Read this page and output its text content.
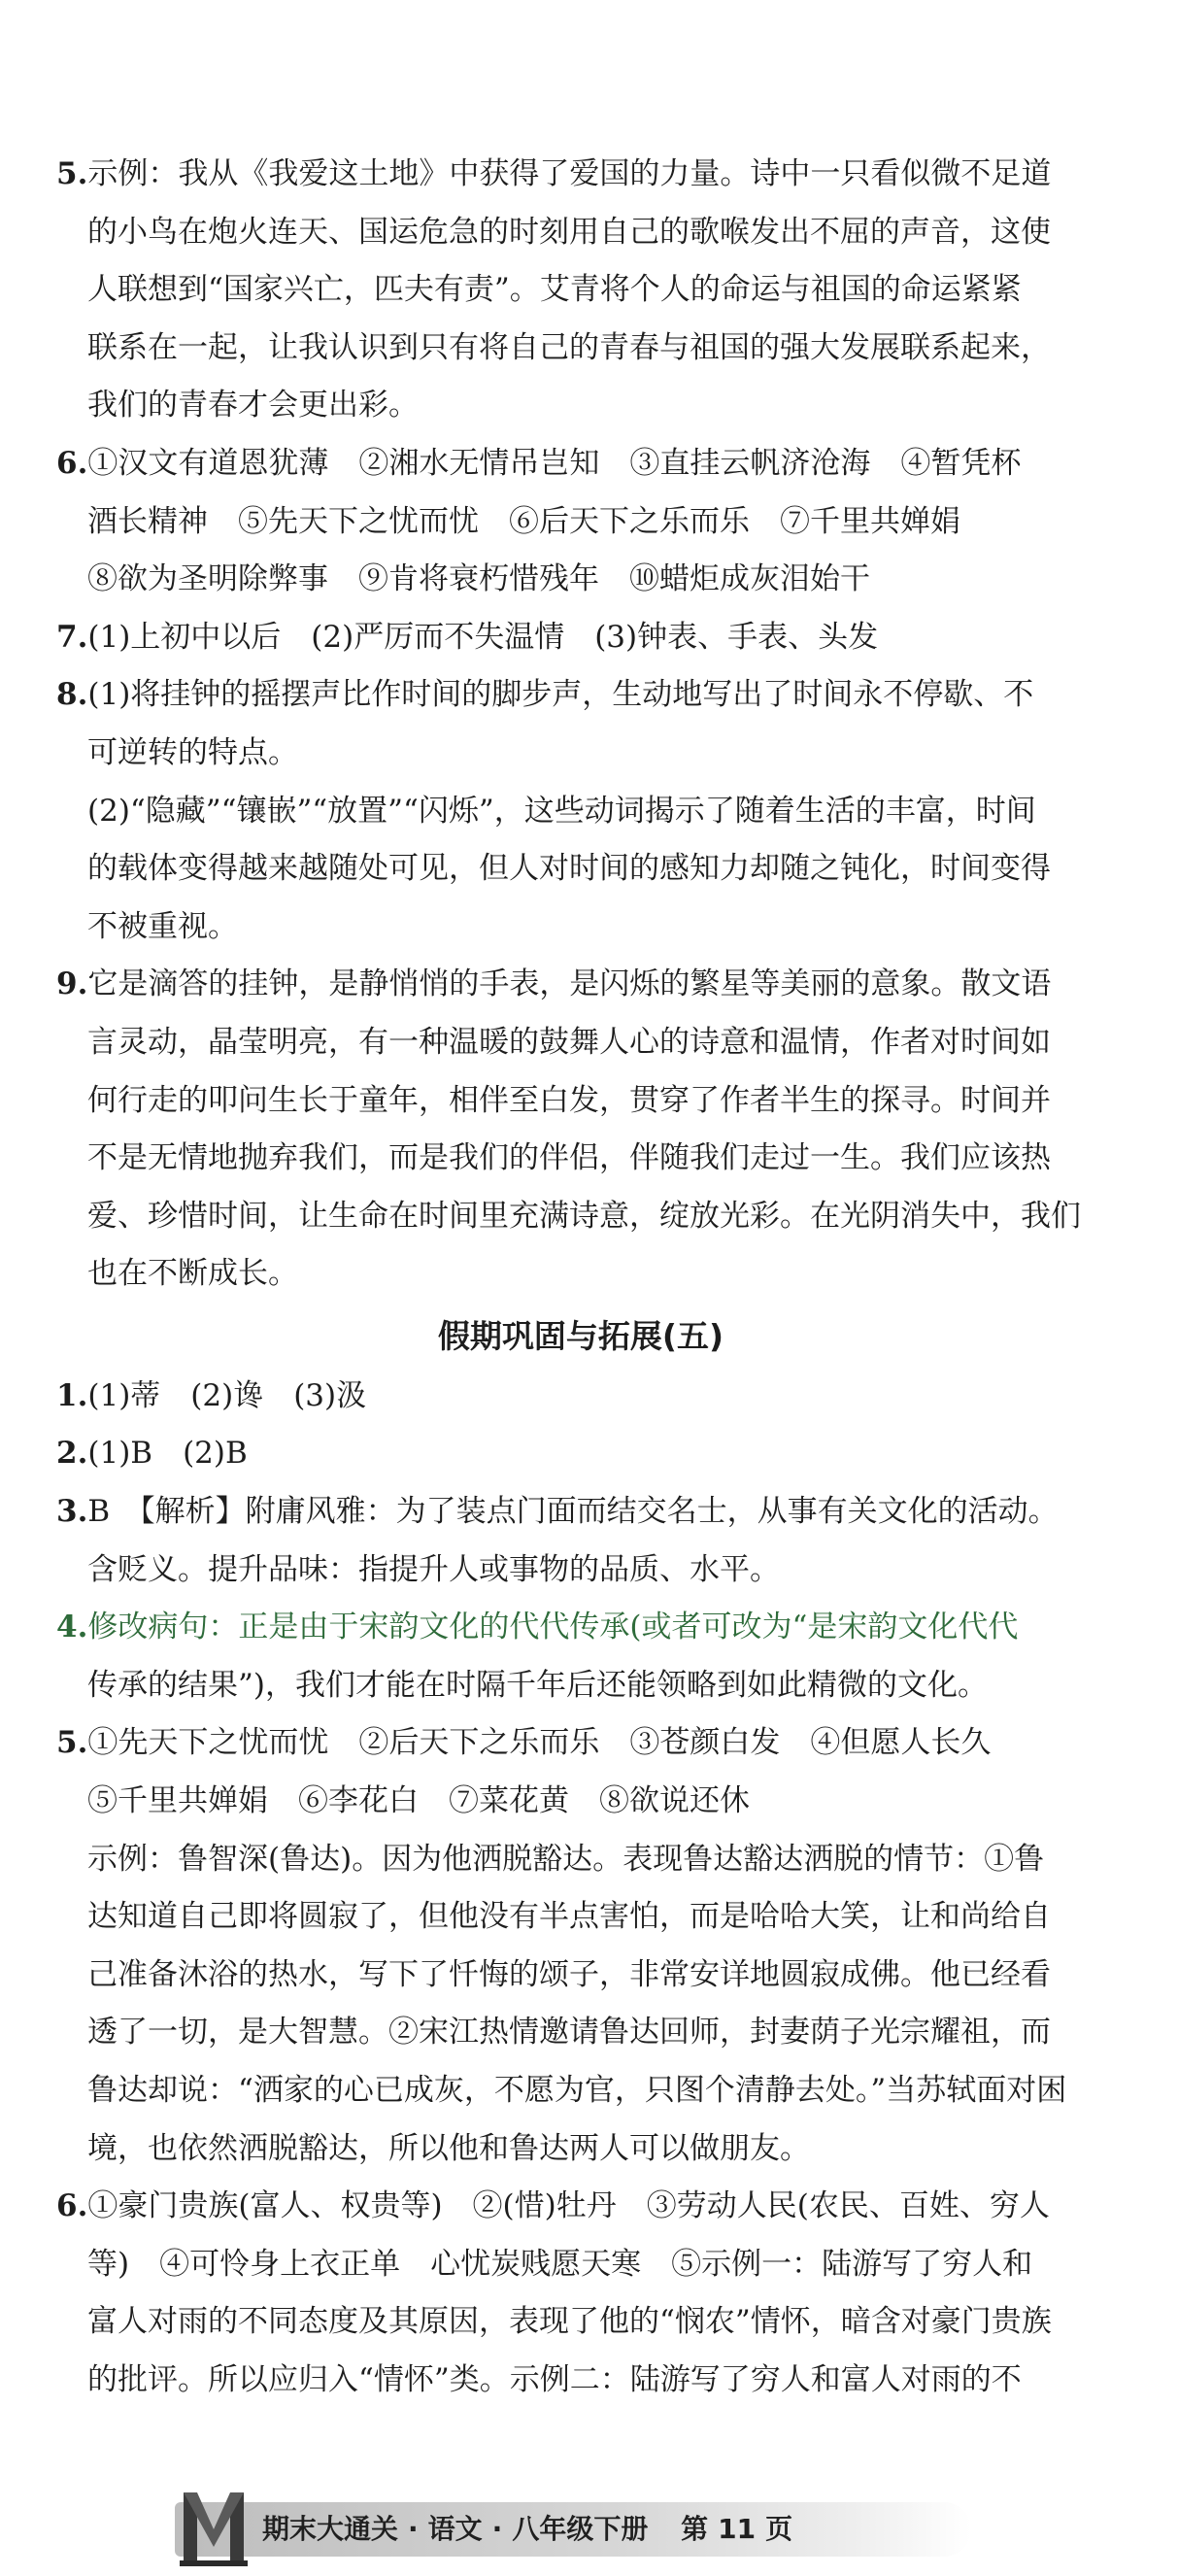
5.示例：我从《我爱这土地》中获得了爱国的力量。诗中一只看似微不足道
的小鸟在炮火连天、国运危急的时刻用自己的歌喉发出不屈的声音，这使
人联想到“国家兴亡，匹夫有责”。艾青将个人的命运与祖国的命运紧紧
联系在一起，让我认识到只有将自己的青春与祖国的强大发展联系起来，
我们的青春才会更出彩。
6.①汉文有道恩犹薄　②湘水无情吊岂知　③直挂云帆济沧海　④暂凭杯
酒长精神　⑤先天下之忧而忧　⑥后天下之乐而乐　⑦千里共婵娟
⑧欲为圣明除弊事　⑨肯将衰朽惜残年　⑩蜡炬成灰泪始干
7.(1)上初中以后　(2)严厉而不失温情　(3)钟表、手表、头发
8.(1)将挂钟的摇摆声比作时间的脚步声，生动地写出了时间永不停歇、不
可逆转的特点。
(2)“隐藏”“镶嵌”“放置”“闪烁”，这些动词揭示了随着生活的丰富，时间
的载体变得越来越随处可见，但人对时间的感知力却随之钝化，时间变得
不被重视。
9.它是滴答的挂钟，是静悄悄的手表，是闪烁的繁星等美丽的意象。散文语
言灵动，晶莹明亮，有一种温暖的鼓舞人心的诗意和温情，作者对时间如
何行走的叩问生长于童年，相伴至白发，贯穿了作者半生的探寻。时间并
不是无情地抛弃我们，而是我们的伴侣，伴随我们走过一生。我们应该热
爱、珍惜时间，让生命在时间里充满诗意，绽放光彩。在光阴消失中，我们
也在不断成长。
假期巩固与拓展(五)
1.(1)蒂　(2)谗　(3)汲
2.(1)B　(2)B
3.B　【解析】附庸风雅：为了装点门面而结交名士，从事有关文化的活动。
含贬义。提升品味：指提升人或事物的品质、水平。
4.修改病句：正是由于宋韵文化的代代传承(或者可改为“是宋韵文化代代
传承的结果”)，我们才能在时隔千年后还能领略到如此精微的文化。
5.①先天下之忧而忧　②后天下之乐而乐　③苍颜白发　④但愿人长久
⑤千里共婵娟　⑥李花白　⑦菜花黄　⑧欲说还休
示例：鲁智深(鲁达)。因为他洒脱豁达。表现鲁达豁达洒脱的情节：①鲁
达知道自己即将圆寂了，但他没有半点害怕，而是哈哈大笑，让和尚给自
己准备沐浴的热水，写下了忏悔的颂子，非常安详地圆寂成佛。他已经看
透了一切，是大智慧。②宋江热情邀请鲁达回师，封妻荫子光宗耀祖，而
鲁达却说：“洒家的心已成灰，不愿为官，只图个清静去处。”当苏轼面对困
境，也依然洒脱豁达，所以他和鲁达两人可以做朋友。
6.①豪门贵族(富人、权贵等)　②(惜)牡丹　③劳动人民(农民、百姓、穷人
等)　④可怜身上衣正单　心忧炭贱愿天寒　⑤示例一：陆游写了穷人和
富人对雨的不同态度及其原因，表现了他的“悯农”情怀，暗含对豪门贵族
的批评。所以应归入“情怀”类。示例二：陆游写了穷人和富人对雨的不
期末大通关 · 语文 · 八年级下册 第 11 页
